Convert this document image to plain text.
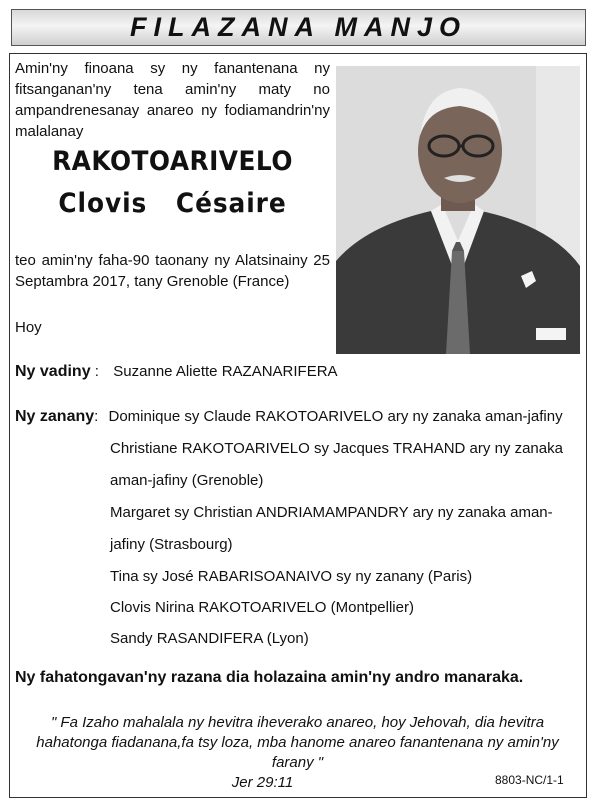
FILAZANA MANJO
Amin'ny finoana sy ny fanantenana ny fitsanganan'ny tena amin'ny maty no ampandrenesanay anareo ny fodiamandrin'ny malalanay
RAKOTOARIVELO
Clovis   Césaire
teo amin'ny faha-90 taonany ny Alatsinainy 25 Septambra 2017, tany Grenoble (France)
Hoy
Ny vadiny :  Suzanne Aliette RAZANARIFERA
Ny zanany: Dominique sy Claude RAKOTOARIVELO ary ny zanaka aman-jafiny
Christiane RAKOTOARIVELO sy Jacques TRAHAND ary ny zanaka
aman-jafiny (Grenoble)
Margaret sy Christian ANDRIAMAMPANDRY ary ny zanaka aman-
jafiny (Strasbourg)
Tina sy José RABARISOANAIVO sy ny zanany (Paris)
Clovis Nirina RAKOTOARIVELO (Montpellier)
Sandy RASANDIFERA (Lyon)
Ny fahatongavan'ny razana dia holazaina amin'ny andro manaraka.
" Fa Izaho mahalala ny hevitra iheverako anareo, hoy Jehovah, dia hevitra hahatonga fiadanana,fa tsy loza, mba hanome anareo fanantenana ny amin'ny farany "
Jer 29:11	8803-NC/1-1
